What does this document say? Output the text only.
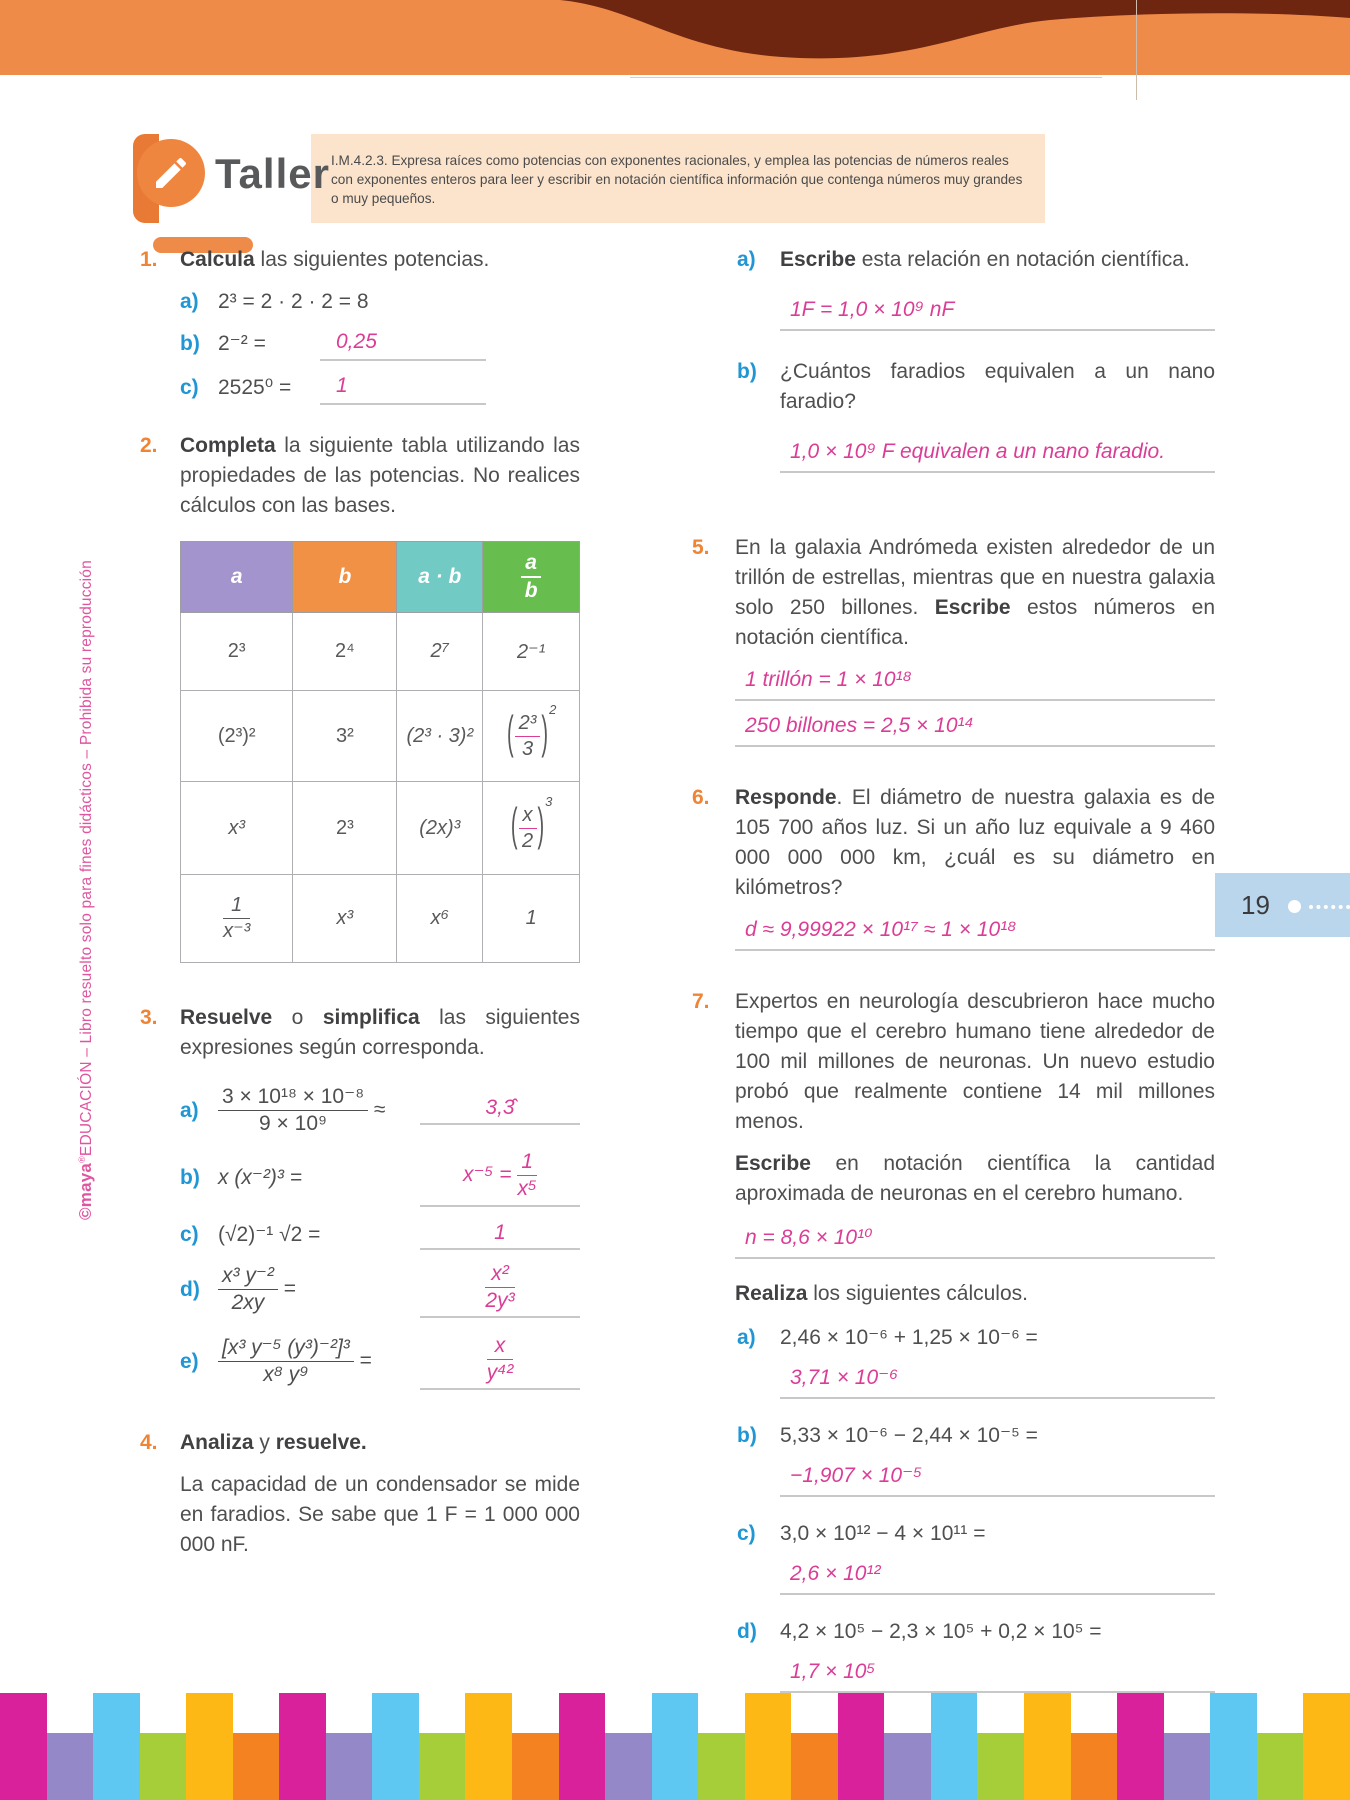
I.M.4.2.3. Expresa raíces como potencias con exponentes racionales, y emplea las potencias de números reales con exponentes enteros para leer y escribir en notación científica información que contenga números muy grandes o muy pequeños.

Taller
©maya®EDUCACIÓN – Libro resuelto solo para fines didácticos – Prohibida su reproducción
1.	Calcula las siguientes potencias.
a) 2³ = 2 · 2 · 2 = 8
b) 2⁻² =	0,25
c) 2525⁰ =	1
2.	Completa la siguiente tabla utilizando las propiedades de las potencias. No realices cálculos con las bases.
a	b	a · b	$\frac{a}{b}$

2³	2⁴	2⁷	2⁻¹
(2³)²	3²	(2³ · 3)²	( $\frac{\text{2³}}{3} )^2$
x³	2³	(2x)³	( $\frac{x}{2} )^3$

$\frac{1}{\text{x⁻³}}$	x³	x⁶	1
3.	Resuelve o simplifica las siguientes expresiones según corresponda.
$a) \frac{\text{3 × 10¹⁸ × 10⁻⁸}}{\text{9 × 10⁹}}$ ≈	3,3̂
b) x (x⁻²)³ =	$x^{-5} = \frac{1}{\text{x⁵}}$
c) (√2)⁻¹ √2 =	1
$d) \frac{\text{x³ y⁻²}}{2xy}$ =	$\frac{\text{x²}}{\text{2y³}}$
$e) \frac{\text{[x³ y⁻⁵ (y³)⁻²]³}}{\text{x⁸ y⁹}}$ =	$\frac{x}{\text{y⁴²}}$
4.	Analiza y resuelve.
La capacidad de un condensador se mide en faradios. Se sabe que 1 F = 1 000 000 000 nF.
a)	Escribe esta relación en notación científica.
1F = 1,0 × 10⁹ nF
b)	¿Cuántos faradios equivalen a un nano faradio?
1,0 × 10⁹ F equivalen a un nano faradio.
5.	En la galaxia Andrómeda existen alrededor de un trillón de estrellas, mientras que en nuestra galaxia solo 250 billones. Escribe estos números en notación científica.
1 trillón = 1 × 10¹⁸
250 billones = 2,5 × 10¹⁴
6.	Responde. El diámetro de nuestra galaxia es de 105 700 años luz. Si un año luz equivale a 9 460 000 000 000 km, ¿cuál es su diámetro en kilómetros?
d ≈ 9,99922 × 10¹⁷ ≈ 1 × 10¹⁸
7.	Expertos en neurología descubrieron hace mucho tiempo que el cerebro humano tiene alrededor de 100 mil millones de neuronas. Un nuevo estudio probó que realmente contiene 14 mil millones menos.
Escribe en notación científica la cantidad aproximada de neuronas en el cerebro humano.
n = 8,6 × 10¹⁰
Realiza los siguientes cálculos.
a)	2,46 × 10⁻⁶ + 1,25 × 10⁻⁶ =
3,71 × 10⁻⁶
b)	5,33 × 10⁻⁶ − 2,44 × 10⁻⁵ =
−1,907 × 10⁻⁵
c)	3,0 × 10¹² − 4 × 10¹¹ =
2,6 × 10¹²
d)	4,2 × 10⁵ − 2,3 × 10⁵ + 0,2 × 10⁵ =
1,7 × 10⁵
19
